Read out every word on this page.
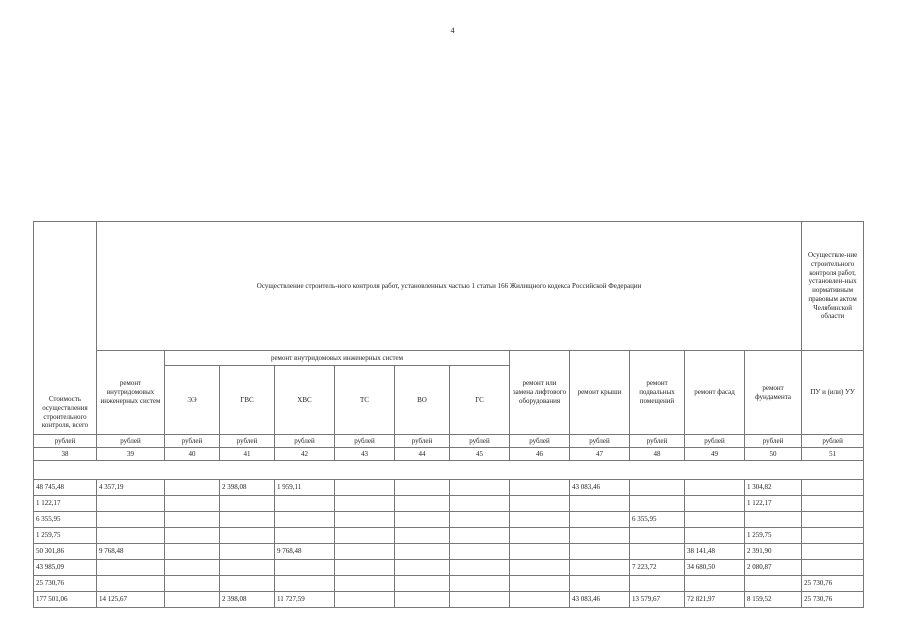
4
Стоимость осуществления строительного контроля, всего	Осуществление строитель-ного контроля работ, установленных частью 1 статьи 166 Жилищного кодекса Российской Федерации												Осуществле-ние строительного контроля работ, установлен-ных нормативным правовым актом Челябинской области
	ремонт внутридомовых инженерных систем	ремонт внутридомовых инженерных систем						ремонт или замена лифтового оборудования	ремонт крыши	ремонт подвальных помещений	ремонт фасад	ремонт фундамента	ПУ и (или) УУ
		ЭЭ	ГВС	ХВС	ТС	ВО	ГС						
рублей	рублей	рублей	рублей	рублей	рублей	рублей	рублей	рублей	рублей	рублей	рублей	рублей	рублей
38	39	40	41	42	43	44	45	46	47	48	49	50	51

48 745,48	4 357,19		2 398,08	1 959,11					43 083,46			1 304,82	
1 122,17												1 122,17	
6 355,95										6 355,95			
1 259,75												1 259,75	
50 301,86	9 768,48			9 768,48							38 141,48	2 391,90	
43 985,09										7 223,72	34 680,50	2 080,87	
25 730,76													25 730,76
177 501,06	14 125,67		2 398,08	11 727,59					43 083,46	13 579,67	72 821,97	8 159,52	25 730,76
